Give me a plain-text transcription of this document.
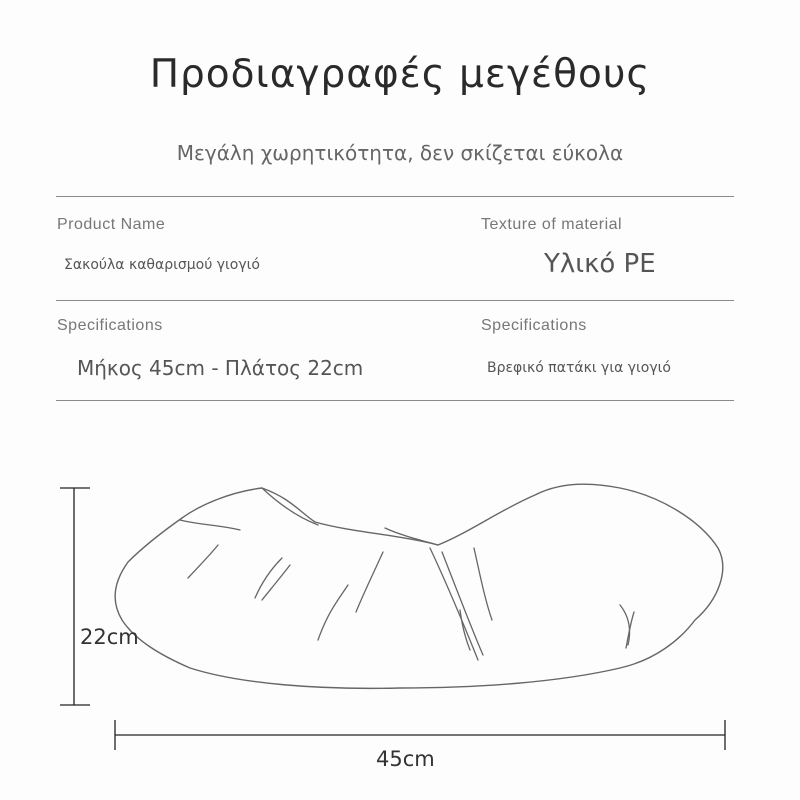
Προδιαγραφές μεγέθους
Μεγάλη χωρητικότητα, δεν σκίζεται εύκολα
Product Name
Σακούλα καθαρισμού γιογιό
Texture of material
Υλικό PE
Specifications
Μήκος 45cm - Πλάτος 22cm
Specifications
Βρεφικό πατάκι για γιογιό
22cm
45cm
